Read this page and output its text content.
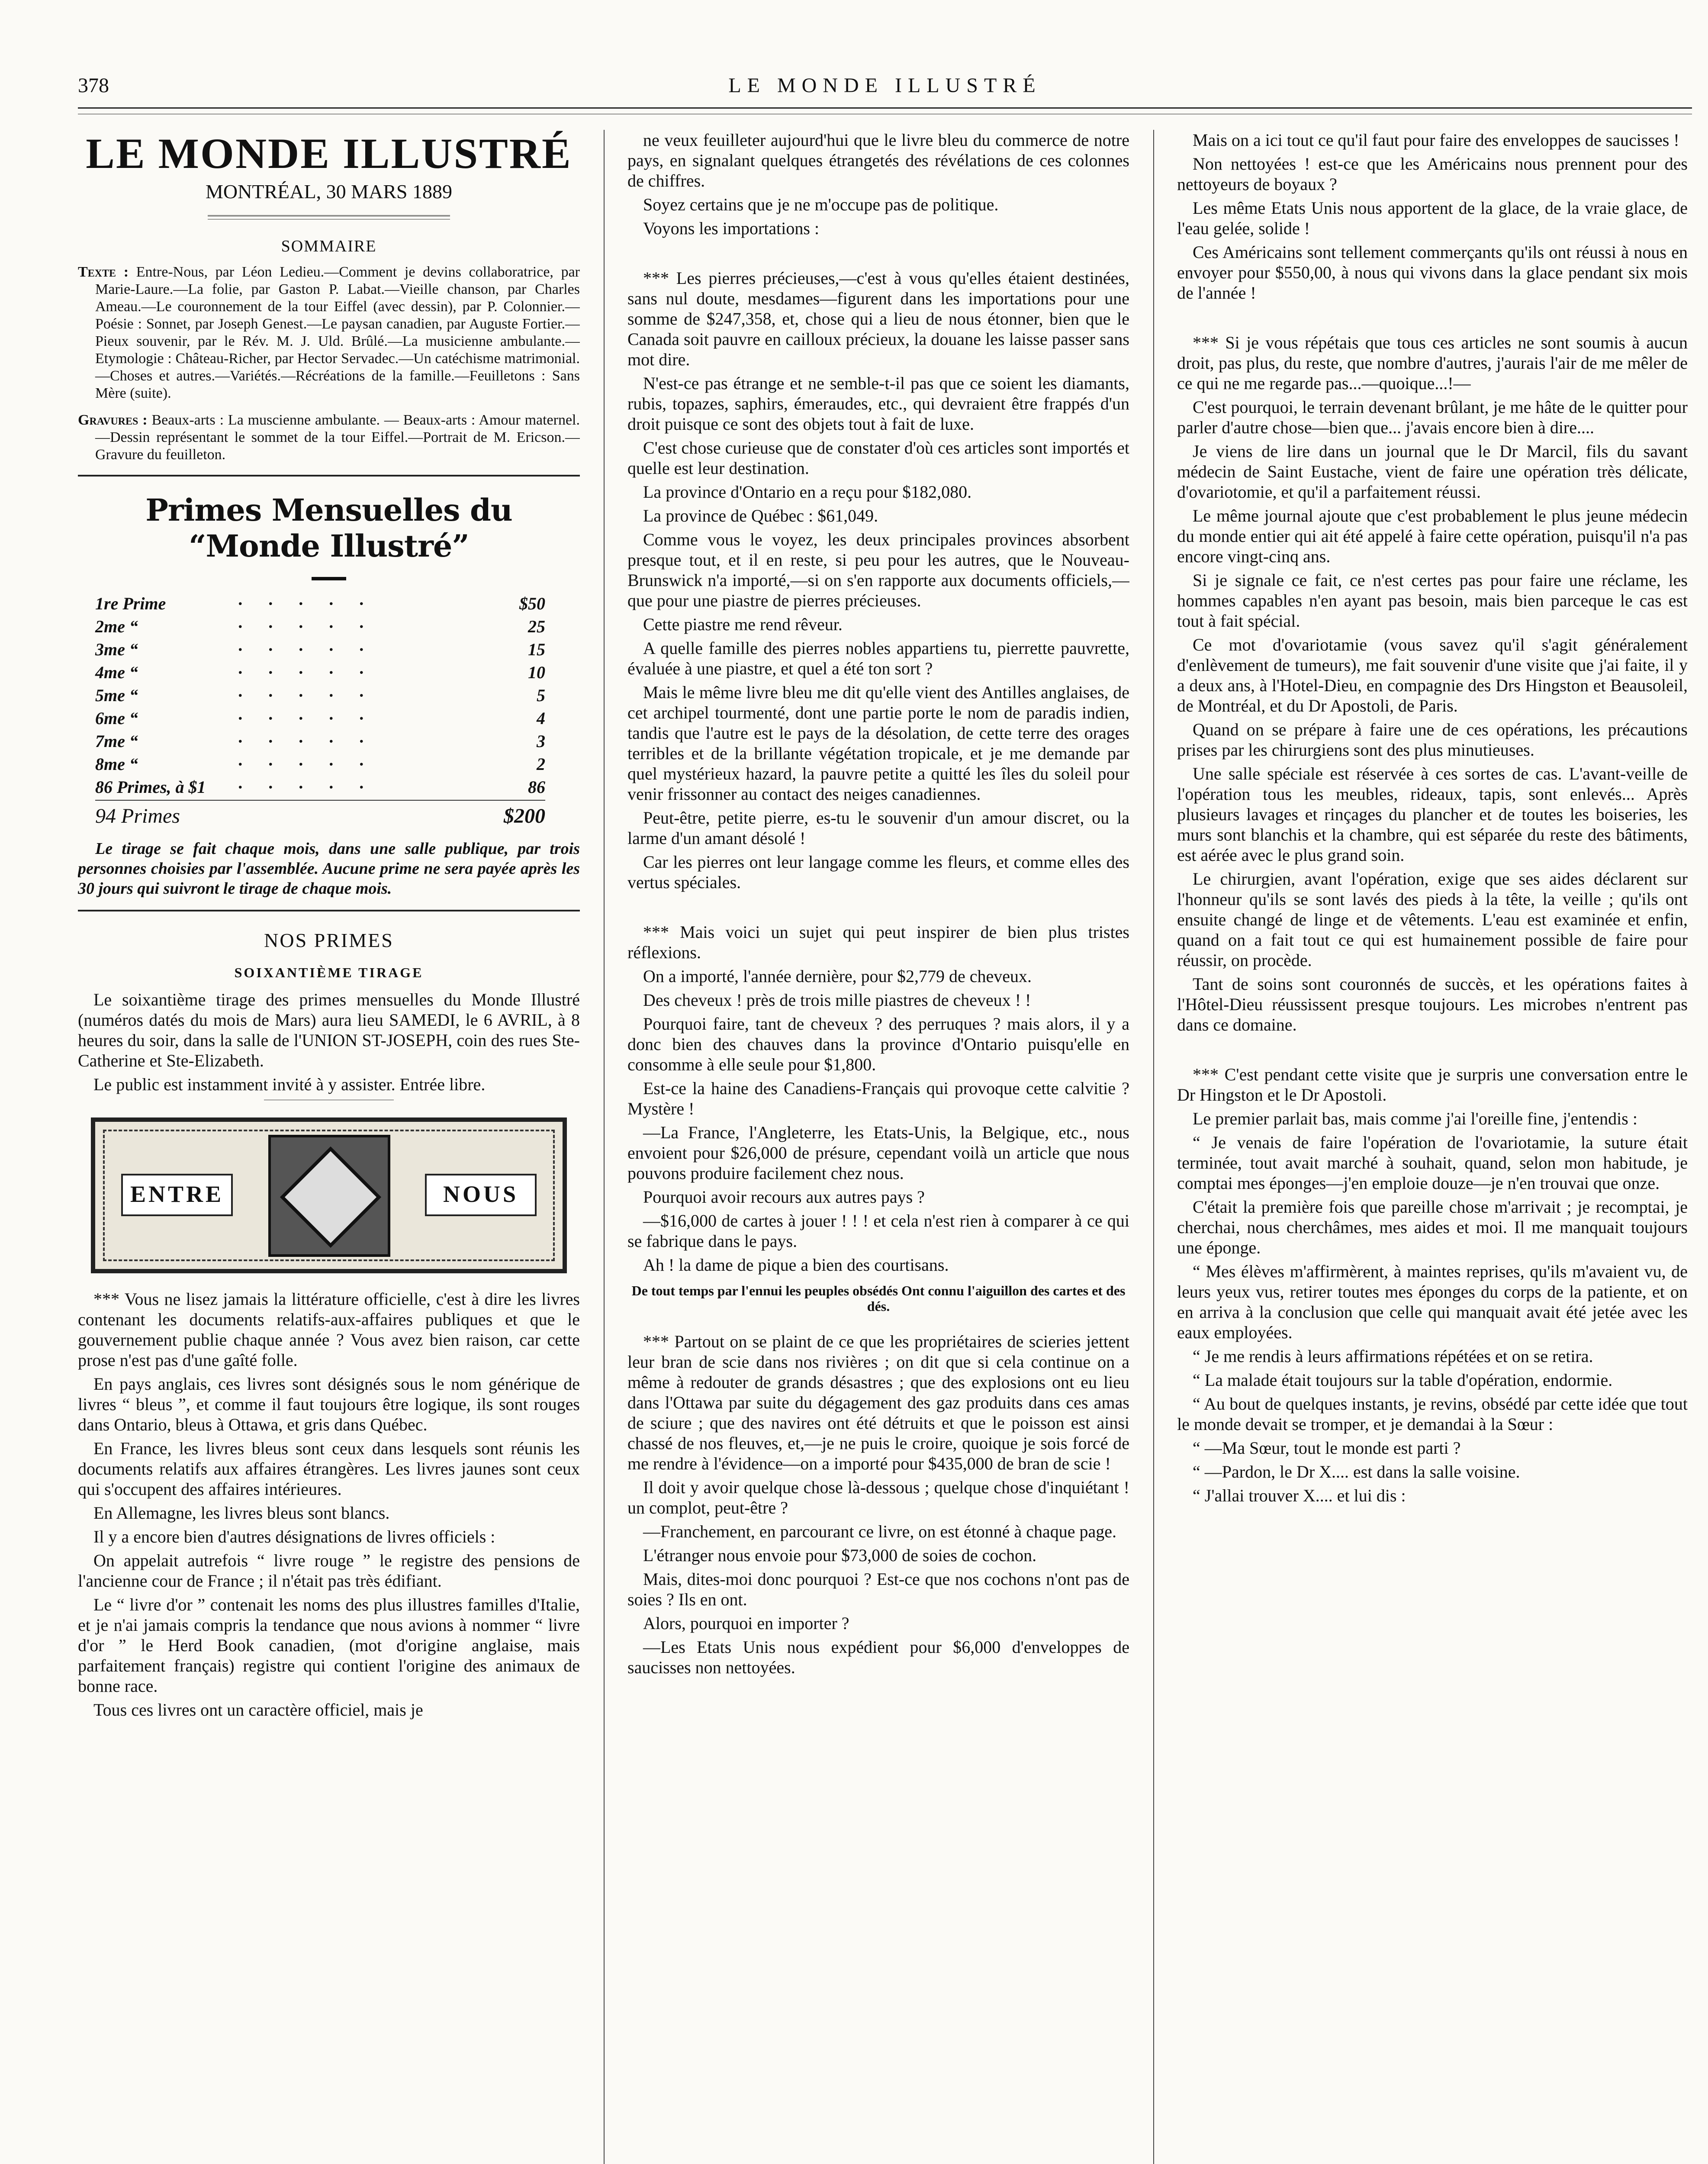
378	LE MONDE ILLUSTRÉ
LE MONDE ILLUSTRÉ
MONTRÉAL, 30 MARS 1889
SOMMAIRE
Texte : Entre-Nous, par Léon Ledieu.—Comment je devins collaboratrice, par Marie-Laure.—La folie, par Gaston P. Labat.—Vieille chanson, par Charles Ameau.—Le couronnement de la tour Eiffel (avec dessin), par P. Colonnier.—Poésie : Sonnet, par Joseph Genest.—Le paysan canadien, par Auguste Fortier.—Pieux souvenir, par le Rév. M. J. Uld. Brûlé.—La musicienne ambulante.—Etymologie : Château-Richer, par Hector Servadec.—Un catéchisme matrimonial.—Choses et autres.—Variétés.—Récréations de la famille.—Feuilletons : Sans Mère (suite).
Gravures : Beaux-arts : La muscienne ambulante. — Beaux-arts : Amour maternel.—Dessin représentant le sommet de la tour Eiffel.—Portrait de M. Ericson.—Gravure du feuilleton.
Primes Mensuelles du “Monde Illustré”
1re Prime	·····	$50
2me “	·····	25
3me “	·····	15
4me “	·····	10
5me “	·····	5
6me “	·····	4
7me “	·····	3
8me “	·····	2
86 Primes, à $1 ·····	86
94 Primes	$200
Le tirage se fait chaque mois, dans une salle publique, par trois personnes choisies par l'assemblée. Aucune prime ne sera payée après les 30 jours qui suivront le tirage de chaque mois.
NOS PRIMES
SOIXANTIÈME TIRAGE

Le soixantième tirage des primes mensuelles du Monde Illustré (numéros datés du mois de Mars) aura lieu SAMEDI, le 6 AVRIL, à 8 heures du soir, dans la salle de l'UNION ST-JOSEPH, coin des rues Ste-Catherine et Ste-Elizabeth.

Le public est instamment invité à y assister. Entrée libre.

ENTRE	NOUS

*** Vous ne lisez jamais la littérature officielle, c'est à dire les livres contenant les documents relatifs-aux-affaires publiques et que le gouvernement publie chaque année ? Vous avez bien raison, car cette prose n'est pas d'une gaîté folle.

En pays anglais, ces livres sont désignés sous le nom générique de livres “ bleus ”, et comme il faut toujours être logique, ils sont rouges dans Ontario, bleus à Ottawa, et gris dans Québec.

En France, les livres bleus sont ceux dans lesquels sont réunis les documents relatifs aux affaires étrangères. Les livres jaunes sont ceux qui s'occupent des affaires intérieures.

En Allemagne, les livres bleus sont blancs.

Il y a encore bien d'autres désignations de livres officiels :

On appelait autrefois “ livre rouge ” le registre des pensions de l'ancienne cour de France ; il n'était pas très édifiant.

Le “ livre d'or ” contenait les noms des plus illustres familles d'Italie, et je n'ai jamais compris la tendance que nous avions à nommer “ livre d'or ” le Herd Book canadien, (mot d'origine anglaise, mais parfaitement français) registre qui contient l'origine des animaux de bonne race.

Tous ces livres ont un caractère officiel, mais je

ne veux feuilleter aujourd'hui que le livre bleu du commerce de notre pays, en signalant quelques étrangetés des révélations de ces colonnes de chiffres.

Soyez certains que je ne m'occupe pas de politique.

Voyons les importations :

*** Les pierres précieuses,—c'est à vous qu'elles étaient destinées, sans nul doute, mesdames—figurent dans les importations pour une somme de $247,358, et, chose qui a lieu de nous étonner, bien que le Canada soit pauvre en cailloux précieux, la douane les laisse passer sans mot dire.

N'est-ce pas étrange et ne semble-t-il pas que ce soient les diamants, rubis, topazes, saphirs, émeraudes, etc., qui devraient être frappés d'un droit puisque ce sont des objets tout à fait de luxe.

C'est chose curieuse que de constater d'où ces articles sont importés et quelle est leur destination.

La province d'Ontario en a reçu pour $182,080.

La province de Québec : $61,049.

Comme vous le voyez, les deux principales provinces absorbent presque tout, et il en reste, si peu pour les autres, que le Nouveau-Brunswick n'a importé,—si on s'en rapporte aux documents officiels,—que pour une piastre de pierres précieuses.

Cette piastre me rend rêveur.

A quelle famille des pierres nobles appartiens tu, pierrette pauvrette, évaluée à une piastre, et quel a été ton sort ?

Mais le même livre bleu me dit qu'elle vient des Antilles anglaises, de cet archipel tourmenté, dont une partie porte le nom de paradis indien, tandis que l'autre est le pays de la désolation, de cette terre des orages terribles et de la brillante végétation tropicale, et je me demande par quel mystérieux hazard, la pauvre petite a quitté les îles du soleil pour venir frissonner au contact des neiges canadiennes.

Peut-être, petite pierre, es-tu le souvenir d'un amour discret, ou la larme d'un amant désolé !

Car les pierres ont leur langage comme les fleurs, et comme elles des vertus spéciales.

*** Mais voici un sujet qui peut inspirer de bien plus tristes réflexions.

On a importé, l'année dernière, pour $2,779 de cheveux.

Des cheveux ! près de trois mille piastres de cheveux ! !

Pourquoi faire, tant de cheveux ? des perruques ? mais alors, il y a donc bien des chauves dans la province d'Ontario puisqu'elle en consomme à elle seule pour $1,800.

Est-ce la haine des Canadiens-Français qui provoque cette calvitie ? Mystère !

—La France, l'Angleterre, les Etats-Unis, la Belgique, etc., nous envoient pour $26,000 de présure, cependant voilà un article que nous pouvons produire facilement chez nous.

Pourquoi avoir recours aux autres pays ?

—$16,000 de cartes à jouer ! ! ! et cela n'est rien à comparer à ce qui se fabrique dans le pays.

Ah ! la dame de pique a bien des courtisans.

De tout temps par l'ennui les peuples obsédés Ont connu l'aiguillon des cartes et des dés.

*** Partout on se plaint de ce que les propriétaires de scieries jettent leur bran de scie dans nos rivières ; on dit que si cela continue on a même à redouter de grands désastres ; que des explosions ont eu lieu dans l'Ottawa par suite du dégagement des gaz produits dans ces amas de sciure ; que des navires ont été détruits et que le poisson est ainsi chassé de nos fleuves, et,—je ne puis le croire, quoique je sois forcé de me rendre à l'évidence—on a importé pour $435,000 de bran de scie !

Il doit y avoir quelque chose là-dessous ; quelque chose d'inquiétant ! un complot, peut-être ?

—Franchement, en parcourant ce livre, on est étonné à chaque page.

L'étranger nous envoie pour $73,000 de soies de cochon.

Mais, dites-moi donc pourquoi ? Est-ce que nos cochons n'ont pas de soies ? Ils en ont.

Alors, pourquoi en importer ?

—Les Etats Unis nous expédient pour $6,000 d'enveloppes de saucisses non nettoyées.

Mais on a ici tout ce qu'il faut pour faire des enveloppes de saucisses !

Non nettoyées ! est-ce que les Américains nous prennent pour des nettoyeurs de boyaux ?

Les même Etats Unis nous apportent de la glace, de la vraie glace, de l'eau gelée, solide !

Ces Américains sont tellement commerçants qu'ils ont réussi à nous en envoyer pour $550,00, à nous qui vivons dans la glace pendant six mois de l'année !

*** Si je vous répétais que tous ces articles ne sont soumis à aucun droit, pas plus, du reste, que nombre d'autres, j'aurais l'air de me mêler de ce qui ne me regarde pas...—quoique...!—

C'est pourquoi, le terrain devenant brûlant, je me hâte de le quitter pour parler d'autre chose—bien que... j'avais encore bien à dire....

Je viens de lire dans un journal que le Dr Marcil, fils du savant médecin de Saint Eustache, vient de faire une opération très délicate, d'ovariotomie, et qu'il a parfaitement réussi.

Le même journal ajoute que c'est probablement le plus jeune médecin du monde entier qui ait été appelé à faire cette opération, puisqu'il n'a pas encore vingt-cinq ans.

Si je signale ce fait, ce n'est certes pas pour faire une réclame, les hommes capables n'en ayant pas besoin, mais bien parceque le cas est tout à fait spécial.

Ce mot d'ovariotamie (vous savez qu'il s'agit généralement d'enlèvement de tumeurs), me fait souvenir d'une visite que j'ai faite, il y a deux ans, à l'Hotel-Dieu, en compagnie des Drs Hingston et Beausoleil, de Montréal, et du Dr Apostoli, de Paris.

Quand on se prépare à faire une de ces opérations, les précautions prises par les chirurgiens sont des plus minutieuses.

Une salle spéciale est réservée à ces sortes de cas. L'avant-veille de l'opération tous les meubles, rideaux, tapis, sont enlevés... Après plusieurs lavages et rinçages du plancher et de toutes les boiseries, les murs sont blanchis et la chambre, qui est séparée du reste des bâtiments, est aérée avec le plus grand soin.

Le chirurgien, avant l'opération, exige que ses aides déclarent sur l'honneur qu'ils se sont lavés des pieds à la tête, la veille ; qu'ils ont ensuite changé de linge et de vêtements. L'eau est examinée et enfin, quand on a fait tout ce qui est humainement possible de faire pour réussir, on procède.

Tant de soins sont couronnés de succès, et les opérations faites à l'Hôtel-Dieu réussissent presque toujours. Les microbes n'entrent pas dans ce domaine.

*** C'est pendant cette visite que je surpris une conversation entre le Dr Hingston et le Dr Apostoli.

Le premier parlait bas, mais comme j'ai l'oreille fine, j'entendis :

“ Je venais de faire l'opération de l'ovariotamie, la suture était terminée, tout avait marché à souhait, quand, selon mon habitude, je comptai mes éponges—j'en emploie douze—je n'en trouvai que onze.

C'était la première fois que pareille chose m'arrivait ; je recomptai, je cherchai, nous cherchâmes, mes aides et moi. Il me manquait toujours une éponge.

“ Mes élèves m'affirmèrent, à maintes reprises, qu'ils m'avaient vu, de leurs yeux vus, retirer toutes mes éponges du corps de la patiente, et on en arriva à la conclusion que celle qui manquait avait été jetée avec les eaux employées.

“ Je me rendis à leurs affirmations répétées et on se retira.

“ La malade était toujours sur la table d'opération, endormie.

“ Au bout de quelques instants, je revins, obsédé par cette idée que tout le monde devait se tromper, et je demandai à la Sœur :

“ —Ma Sœur, tout le monde est parti ?

“ —Pardon, le Dr X.... est dans la salle voisine.

“ J'allai trouver X.... et lui dis :
